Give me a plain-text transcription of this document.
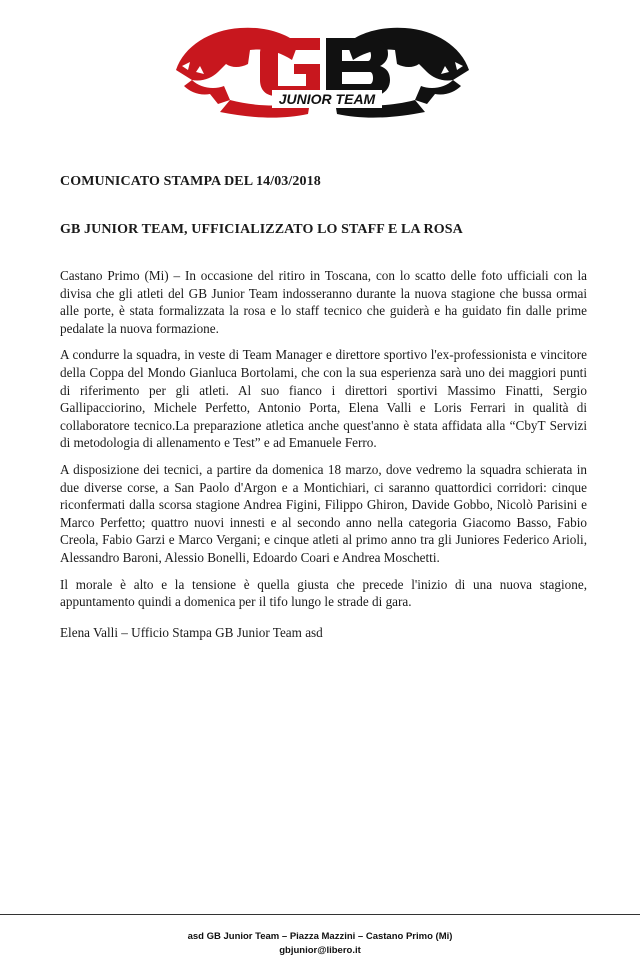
JUNIOR TEAM
COMUNICATO STAMPA DEL 14/03/2018
GB JUNIOR TEAM, UFFICIALIZZATO LO STAFF E LA ROSA

Castano Primo (Mi) – In occasione del ritiro in Toscana, con lo scatto delle foto ufficiali con la divisa che gli atleti del GB Junior Team indosseranno durante la nuova stagione che bussa ormai alle porte, è stata formalizzata la rosa e lo staff tecnico che guiderà e ha guidato fin dalle prime pedalate la nuova formazione.

A condurre la squadra, in veste di Team Manager e direttore sportivo l'ex-professionista e vincitore della Coppa del Mondo Gianluca Bortolami, che con la sua esperienza sarà uno dei maggiori punti di riferimento per gli atleti. Al suo fianco i direttori sportivi Massimo Finatti, Sergio Gallipacciorino, Michele Perfetto, Antonio Porta, Elena Valli e Loris Ferrari in qualità di collaboratore tecnico.La preparazione atletica anche quest'anno è stata affidata alla “CbyT Servizi di metodologia di allenamento e Test” e ad Emanuele Ferro.

A disposizione dei tecnici, a partire da domenica 18 marzo, dove vedremo la squadra schierata in due diverse corse, a San Paolo d'Argon e a Montichiari, ci saranno quattordici corridori: cinque riconfermati dalla scorsa stagione Andrea Figini, Filippo Ghiron, Davide Gobbo, Nicolò Parisini e Marco Perfetto; quattro nuovi innesti e al secondo anno nella categoria Giacomo Basso, Fabio Creola, Fabio Garzi e Marco Vergani; e cinque atleti al primo anno tra gli Juniores Federico Arioli, Alessandro Baroni, Alessio Bonelli, Edoardo Coari e Andrea Moschetti.

Il morale è alto e la tensione è quella giusta che precede l'inizio di una nuova stagione, appuntamento quindi a domenica per il tifo lungo le strade di gara.

Elena Valli – Ufficio Stampa GB Junior Team asd
asd GB Junior Team – Piazza Mazzini – Castano Primo (Mi)
gbjunior@libero.it
